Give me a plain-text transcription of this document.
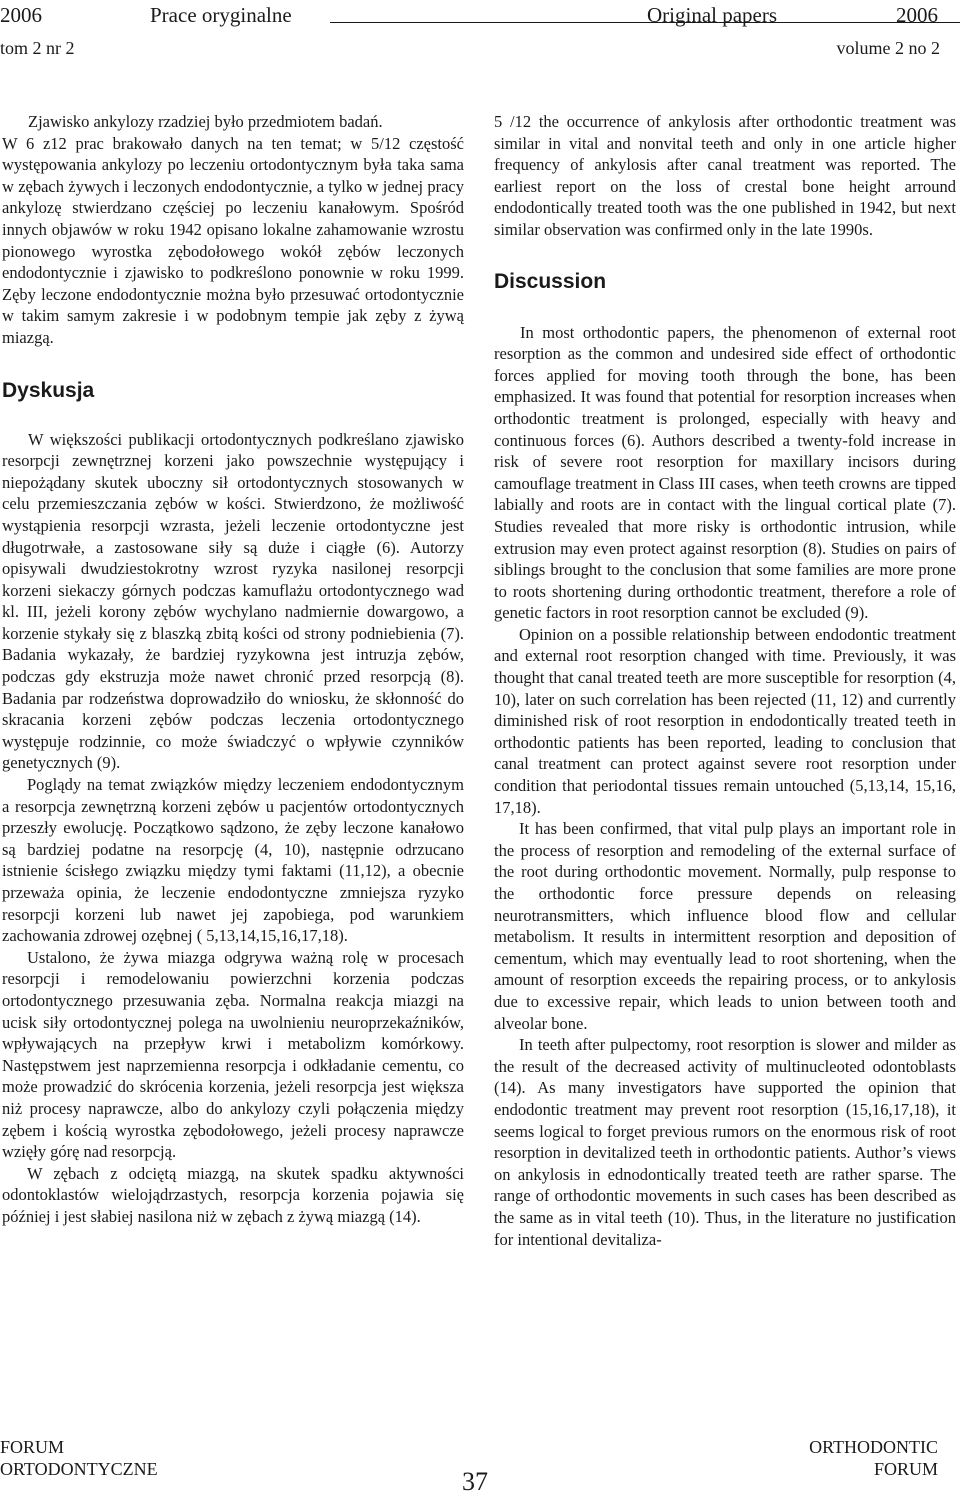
2006	Prace oryginalne	Original papers	2006
tom 2 nr 2	volume 2 no 2

Zjawisko ankylozy rzadziej było przedmiotem badań.

W 6 z12 prac brakowało danych na ten temat; w 5/12 częstość występowania ankylozy po leczeniu ortodontycznym była taka sama w zębach żywych i leczonych endodontycznie, a tylko w jednej pracy ankylozę stwierdzano częściej po leczeniu kanałowym. Spośród innych objawów w roku 1942 opisano lokalne zahamowanie wzrostu pionowego wyrostka zębodołowego wokół zębów leczonych endodontycznie i zjawisko to podkreślono ponownie w roku 1999. Zęby leczone endodontycznie można było przesuwać ortodontycznie w takim samym zakresie i w podobnym tempie jak zęby z żywą miazgą.

Dyskusja

W większości publikacji ortodontycznych podkreślano zjawisko resorpcji zewnętrznej korzeni jako powszechnie występujący i niepożądany skutek uboczny sił ortodontycznych stosowanych w celu przemieszczania zębów w kości. Stwierdzono, że możliwość wystąpienia resorpcji wzrasta, jeżeli leczenie ortodontyczne jest długotrwałe, a zastosowane siły są duże i ciągłe (6). Autorzy opisywali dwudziestokrotny wzrost ryzyka nasilonej resorpcji korzeni siekaczy górnych podczas kamuflażu ortodontycznego wad kl. III, jeżeli korony zębów wychylano nadmiernie dowargowo, a korzenie stykały się z blaszką zbitą kości od strony podniebienia (7). Badania wykazały, że bardziej ryzykowna jest intruzja zębów, podczas gdy ekstruzja może nawet chronić przed resorpcją (8). Badania par rodzeństwa doprowadziło do wniosku, że skłonność do skracania korzeni zębów podczas leczenia ortodontycznego występuje rodzinnie, co może świadczyć o wpływie czynników genetycznych (9).

Poglądy na temat związków między leczeniem endodontycznym a resorpcja zewnętrzną korzeni zębów u pacjentów ortodontycznych przeszły ewolucję. Początkowo sądzono, że zęby leczone kanałowo są bardziej podatne na resorpcję (4, 10), następnie odrzucano istnienie ścisłego związku między tymi faktami (11,12), a obecnie przeważa opinia, że leczenie endodontyczne zmniejsza ryzyko resorpcji korzeni lub nawet jej zapobiega, pod warunkiem zachowania zdrowej ozębnej ( 5,13,14,15,16,17,18).

Ustalono, że żywa miazga odgrywa ważną rolę w procesach resorpcji i remodelowaniu powierzchni korzenia podczas ortodontycznego przesuwania zęba. Normalna reakcja miazgi na ucisk siły ortodontycznej polega na uwolnieniu neuroprzekaźników, wpływających na przepływ krwi i metabolizm komórkowy. Następstwem jest naprzemienna resorpcja i odkładanie cementu, co może prowadzić do skrócenia korzenia, jeżeli resorpcja jest większa niż procesy naprawcze, albo do ankylozy czyli połączenia między zębem i kością wyrostka zębodołowego, jeżeli procesy naprawcze wzięły górę nad resorpcją.

W zębach z odciętą miazgą, na skutek spadku aktywności odontoklastów wielojądrzastych, resorpcja korzenia pojawia się później i jest słabiej nasilona niż w zębach z żywą miazgą (14).

5 /12 the occurrence of ankylosis after orthodontic treatment was similar in vital and nonvital teeth and only in one article higher frequency of ankylosis after canal treatment was reported. The earliest report on the loss of crestal bone height arround endodontically treated tooth was the one published in 1942, but next similar observation was confirmed only in the late 1990s.

Discussion

In most orthodontic papers, the phenomenon of external root resorption as the common and undesired side effect of orthodontic forces applied for moving tooth through the bone, has been emphasized. It was found that potential for resorption increases when orthodontic treatment is prolonged, especially with heavy and continuous forces (6). Authors described a twenty-fold increase in risk of severe root resorption for maxillary incisors during camouflage treatment in Class III cases, when teeth crowns are tipped labially and roots are in contact with the lingual cortical plate (7). Studies revealed that more risky is orthodontic intrusion, while extrusion may even protect against resorption (8). Studies on pairs of siblings brought to the conclusion that some families are more prone to roots shortening during orthodontic treatment, therefore a role of genetic factors in root resorption cannot be excluded (9).

Opinion on a possible relationship between endodontic treatment and external root resorption changed with time. Previously, it was thought that canal treated teeth are more susceptible for resorption (4, 10), later on such correlation has been rejected (11, 12) and currently diminished risk of root resorption in endodontically treated teeth in orthodontic patients has been reported, leading to conclusion that canal treatment can protect against severe root resorption under condition that periodontal tissues remain untouched (5,13,14, 15,16, 17,18).

It has been confirmed, that vital pulp plays an important role in the process of resorption and remodeling of the external surface of the root during orthodontic movement. Normally, pulp response to the orthodontic force pressure depends on releasing neurotransmitters, which influence blood flow and cellular metabolism. It results in intermittent resorption and deposition of cementum, which may eventually lead to root shortening, when the amount of resorption exceeds the repairing process, or to ankylosis due to excessive repair, which leads to union between tooth and alveolar bone.

In teeth after pulpectomy, root resorption is slower and milder as the result of the decreased activity of multinucleoted odontoblasts (14). As many investigators have supported the opinion that endodontic treatment may prevent root resorption (15,16,17,18), it seems logical to forget previous rumors on the enormous risk of root resorption in devitalized teeth in orthodontic patients. Author’s views on ankylosis in ednodontically treated teeth are rather sparse. The range of orthodontic movements in such cases has been described as the same as in vital teeth (10). Thus, in the literature no justification for intentional devitaliza-

FORUM
ORTODONTYCZNE	37
ORTHODONTIC
FORUM
